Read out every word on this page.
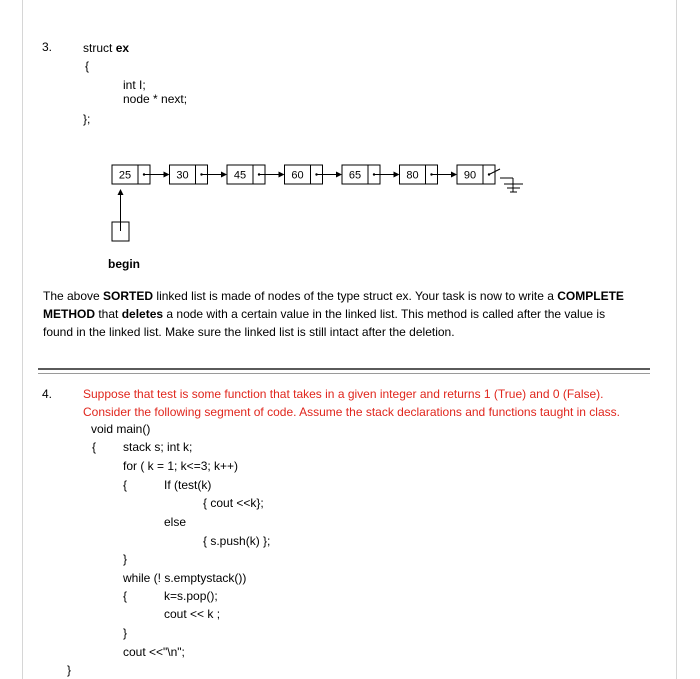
3.	struct ex
{
int I;
node * next;
};
25	30	45	60	65	80	90
begin
The above SORTED linked list is made of nodes of the type struct ex. Your task is now to write a COMPLETE METHOD that deletes a node with a certain value in the linked list. This method is called after the value is found in the linked list. Make sure the linked list is still intact after the deletion.
4.	Suppose that test is some function that takes in a given integer and returns 1 (True) and 0 (False).
Consider the following segment of code. Assume the stack declarations and functions taught in class.
void main()
{ stack s; int k;
for ( k = 1; k<=3; k++)
{	If (test(k)
{ cout <<k};
else
{ s.push(k) };
}
while (! s.emptystack())
{	k=s.pop();
cout << k ;
}
cout <<"\n";
}
